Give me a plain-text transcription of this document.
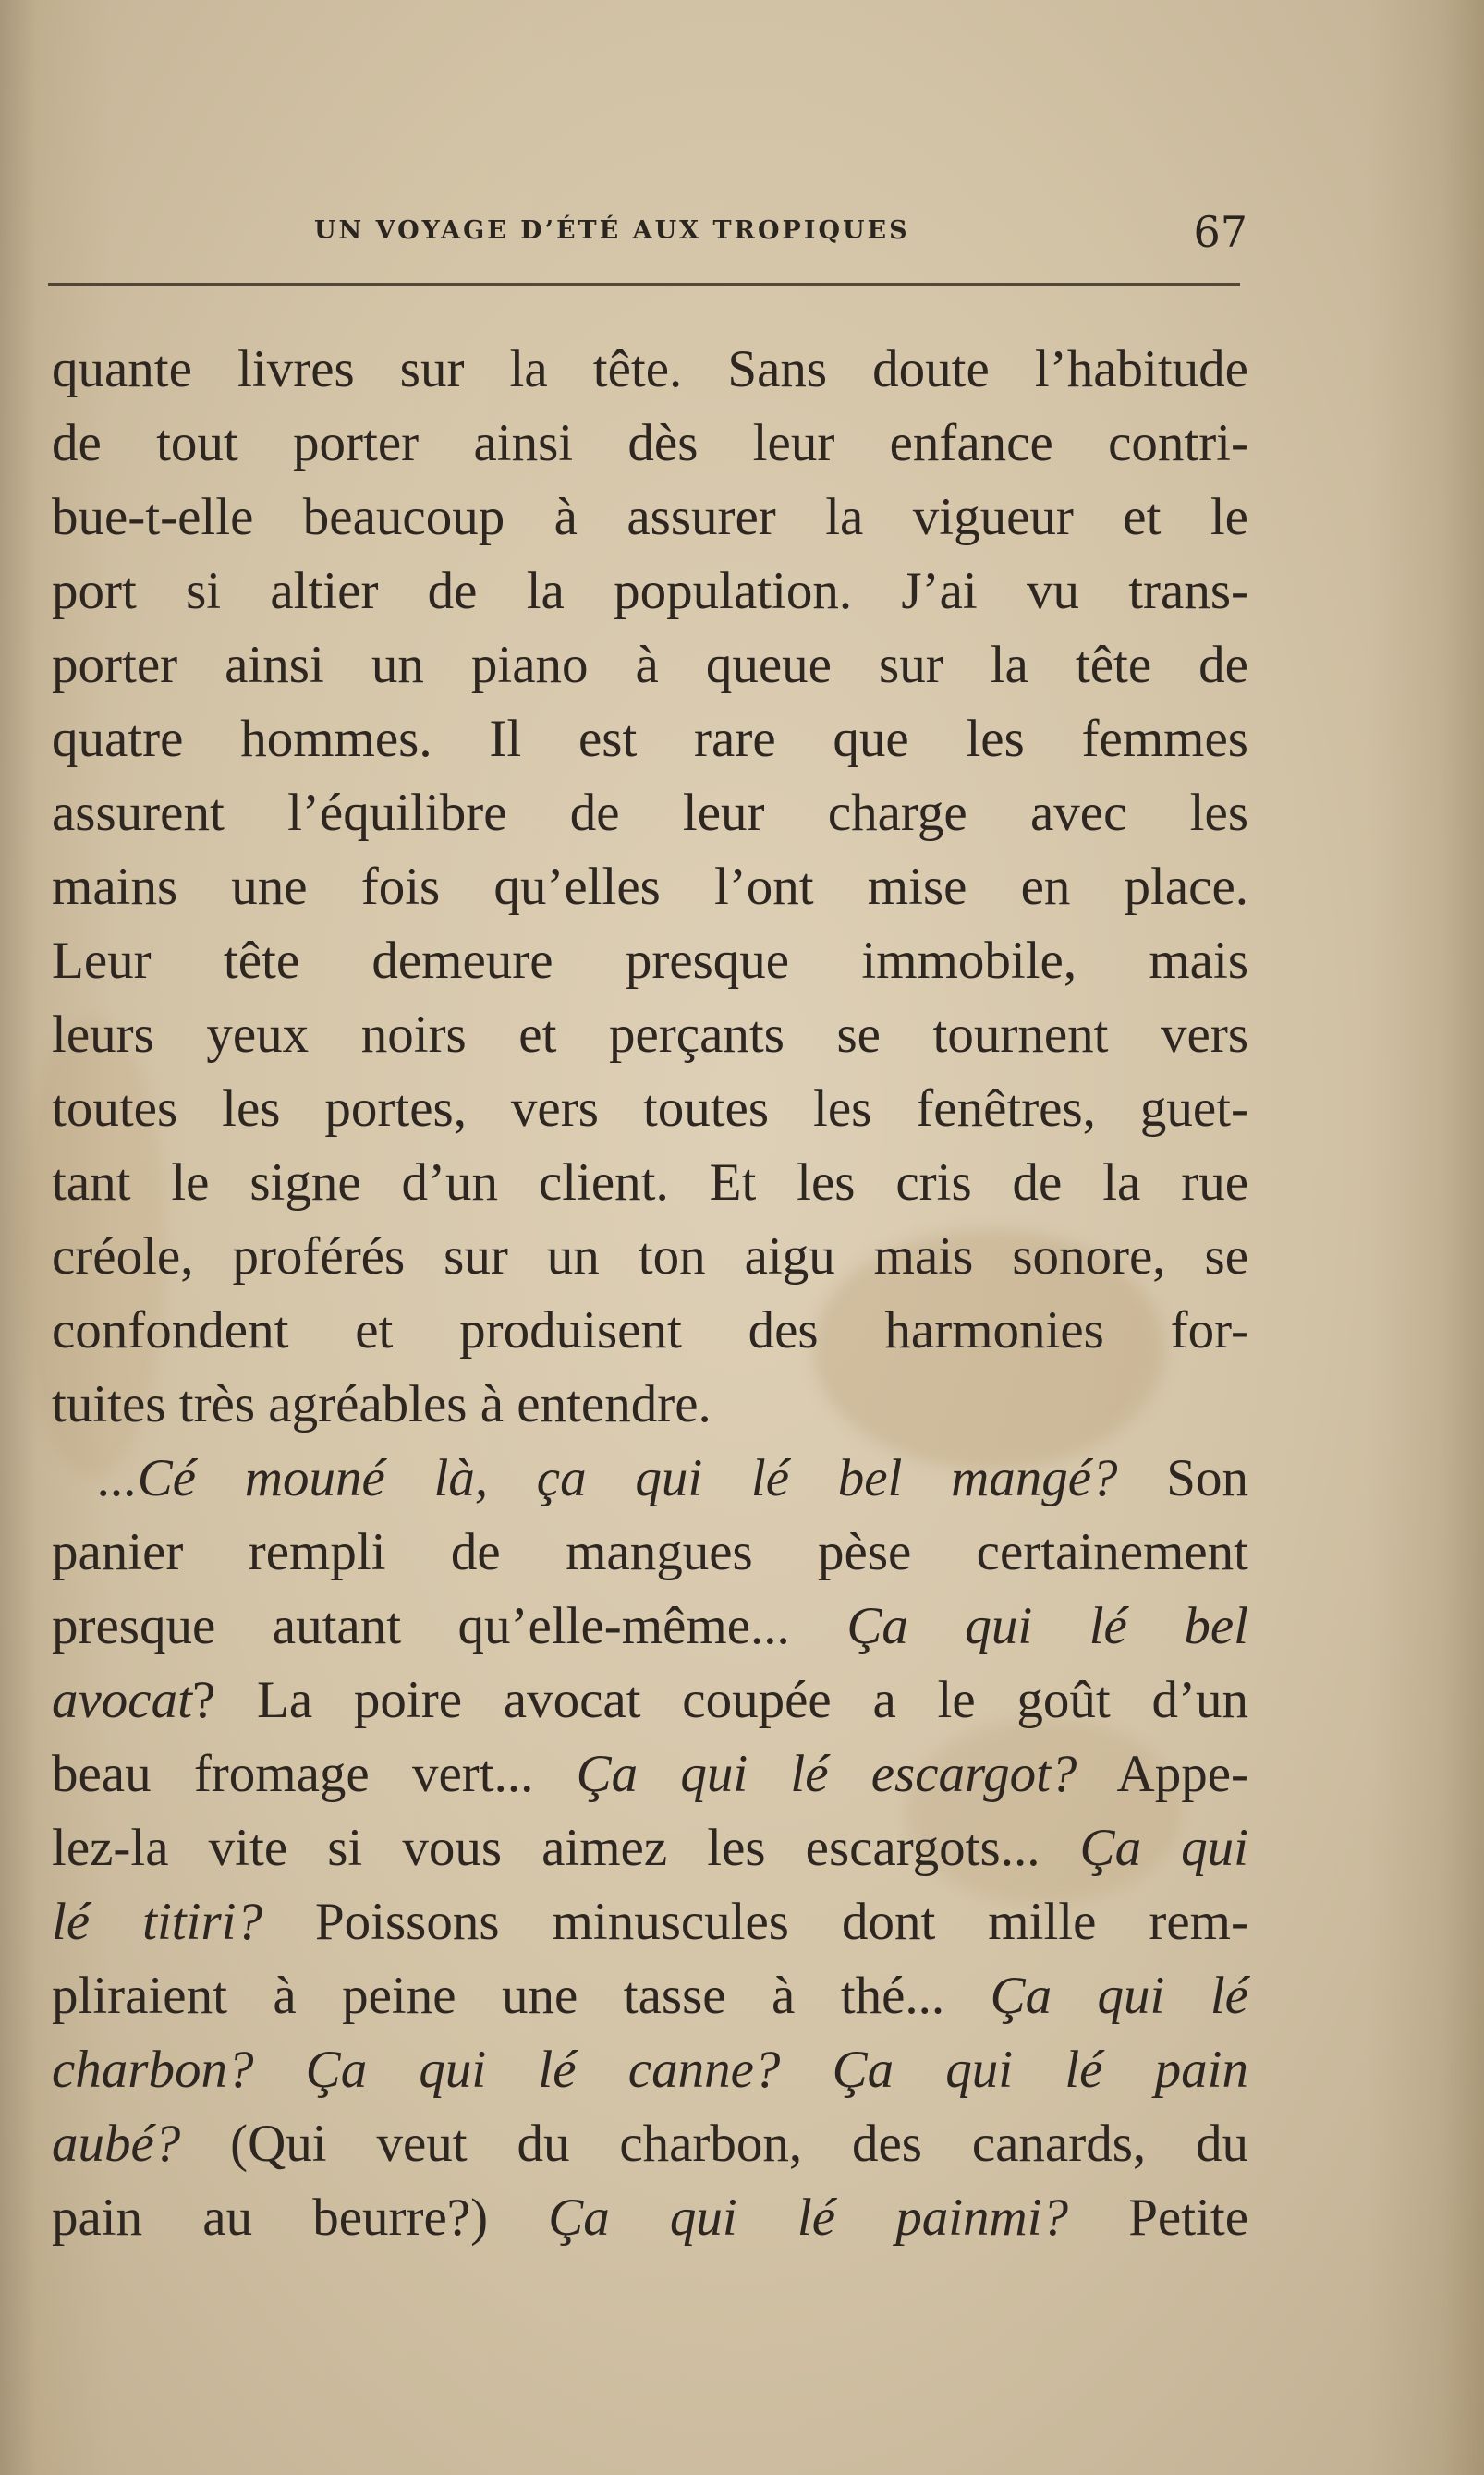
UN VOYAGE D’ÉTÉ AUX TROPIQUES	67
quante livres sur la tête. Sans doute l’habitude
de tout porter ainsi dès leur enfance contri-
bue-t-elle beaucoup à assurer la vigueur et le
port si altier de la population. J’ai vu trans-
porter ainsi un piano à queue sur la tête de
quatre hommes. Il est rare que les femmes
assurent l’équilibre de leur charge avec les
mains une fois qu’elles l’ont mise en place.
Leur tête demeure presque immobile, mais
leurs yeux noirs et perçants se tournent vers
toutes les portes, vers toutes les fenêtres, guet-
tant le signe d’un client. Et les cris de la rue
créole, proférés sur un ton aigu mais sonore, se
confondent et produisent des harmonies for-
tuites très agréables à entendre.
...Cé mouné là, ça qui lé bel mangé? Son
panier rempli de mangues pèse certainement
presque autant qu’elle-même... Ça qui lé bel
avocat? La poire avocat coupée a le goût d’un
beau fromage vert... Ça qui lé escargot? Appe-
lez-la vite si vous aimez les escargots... Ça qui
lé titiri? Poissons minuscules dont mille rem-
pliraient à peine une tasse à thé... Ça qui lé
charbon? Ça qui lé canne? Ça qui lé pain
aubé? (Qui veut du charbon, des canards, du
pain au beurre?) Ça qui lé painmi? Petite
